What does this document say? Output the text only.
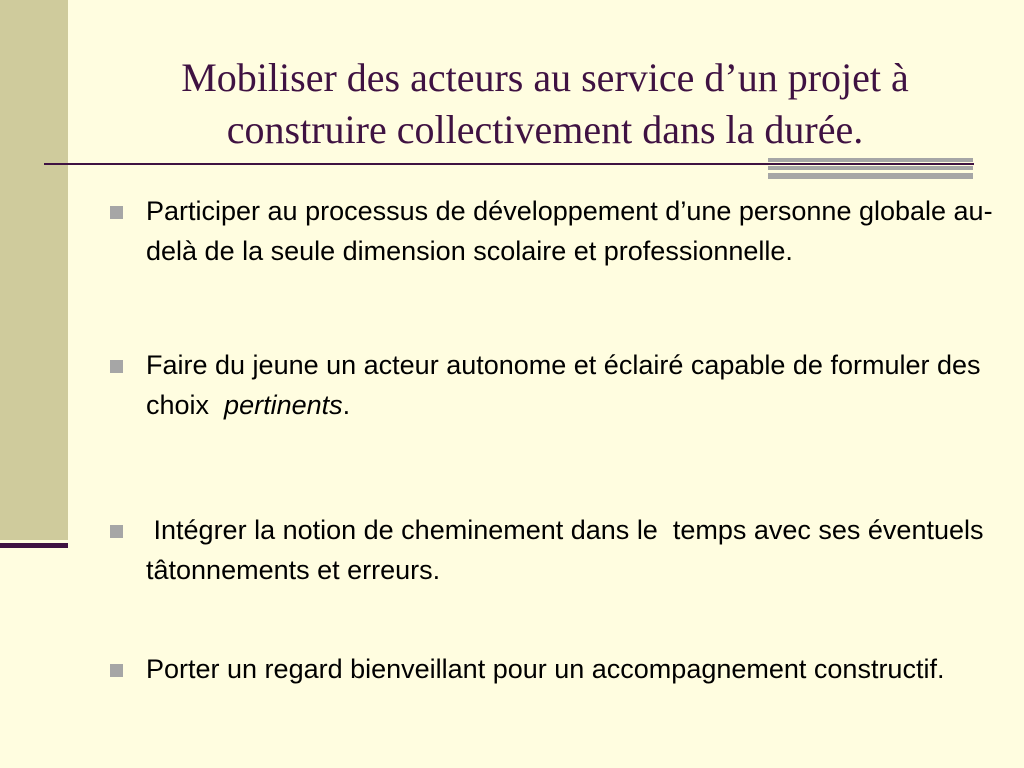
Mobiliser des acteurs au service d’un projet à construire collectivement dans la durée.
Participer au processus de développement d’une personne globale au-delà de la seule dimension scolaire et professionnelle.
Faire du jeune un acteur autonome et éclairé capable de formuler des choix  pertinents.
Intégrer la notion de cheminement dans le  temps avec ses éventuels tâtonnements et erreurs.
Porter un regard bienveillant pour un accompagnement constructif.
